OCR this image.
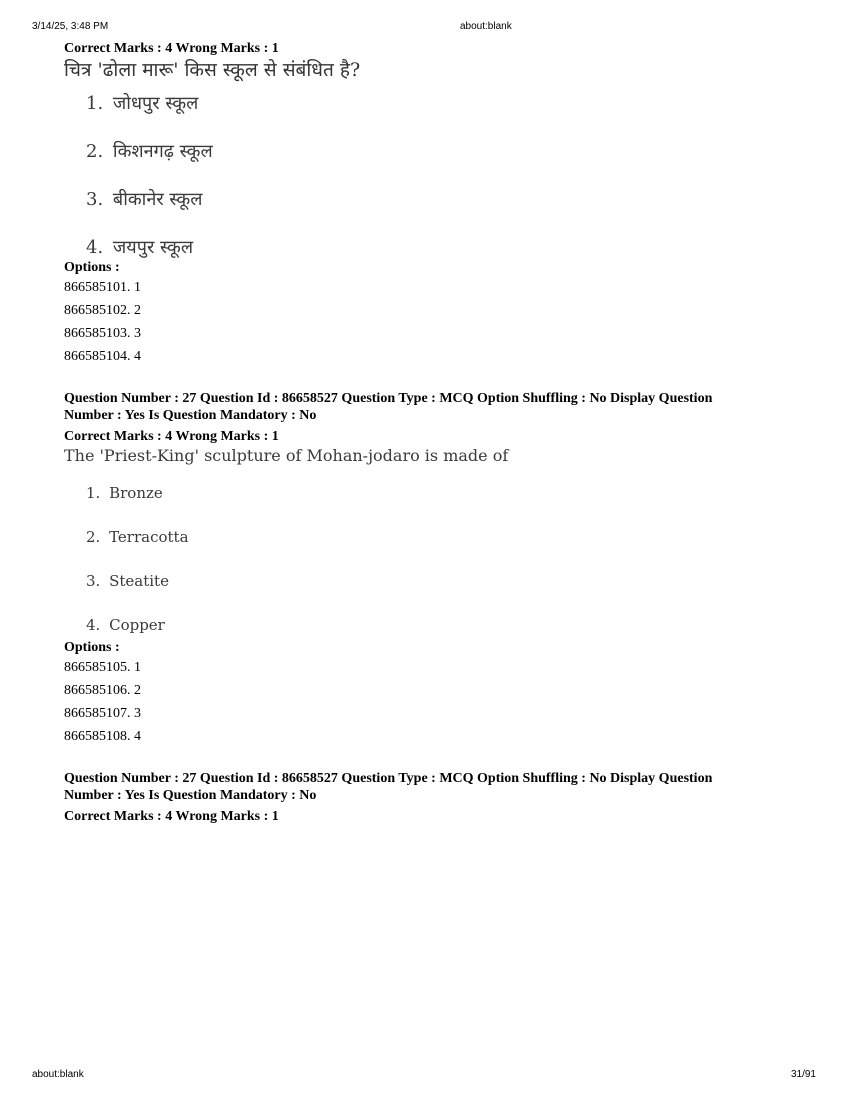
3/14/25, 3:48 PM	about:blank
Correct Marks : 4 Wrong Marks : 1
चित्र 'ढोला मारू' किस स्कूल से संबंधित है?
1. जोधपुर स्कूल
2. किशनगढ़ स्कूल
3. बीकानेर स्कूल
4. जयपुर स्कूल
Options :
866585101. 1
866585102. 2
866585103. 3
866585104. 4
Question Number : 27 Question Id : 86658527 Question Type : MCQ Option Shuffling : No Display Question
Number : Yes Is Question Mandatory : No
Correct Marks : 4 Wrong Marks : 1
The 'Priest-King' sculpture of Mohan-jodaro is made of
1. Bronze
2. Terracotta
3. Steatite
4. Copper
Options :
866585105. 1
866585106. 2
866585107. 3
866585108. 4
Question Number : 27 Question Id : 86658527 Question Type : MCQ Option Shuffling : No Display Question
Number : Yes Is Question Mandatory : No
Correct Marks : 4 Wrong Marks : 1
about:blank	31/91
